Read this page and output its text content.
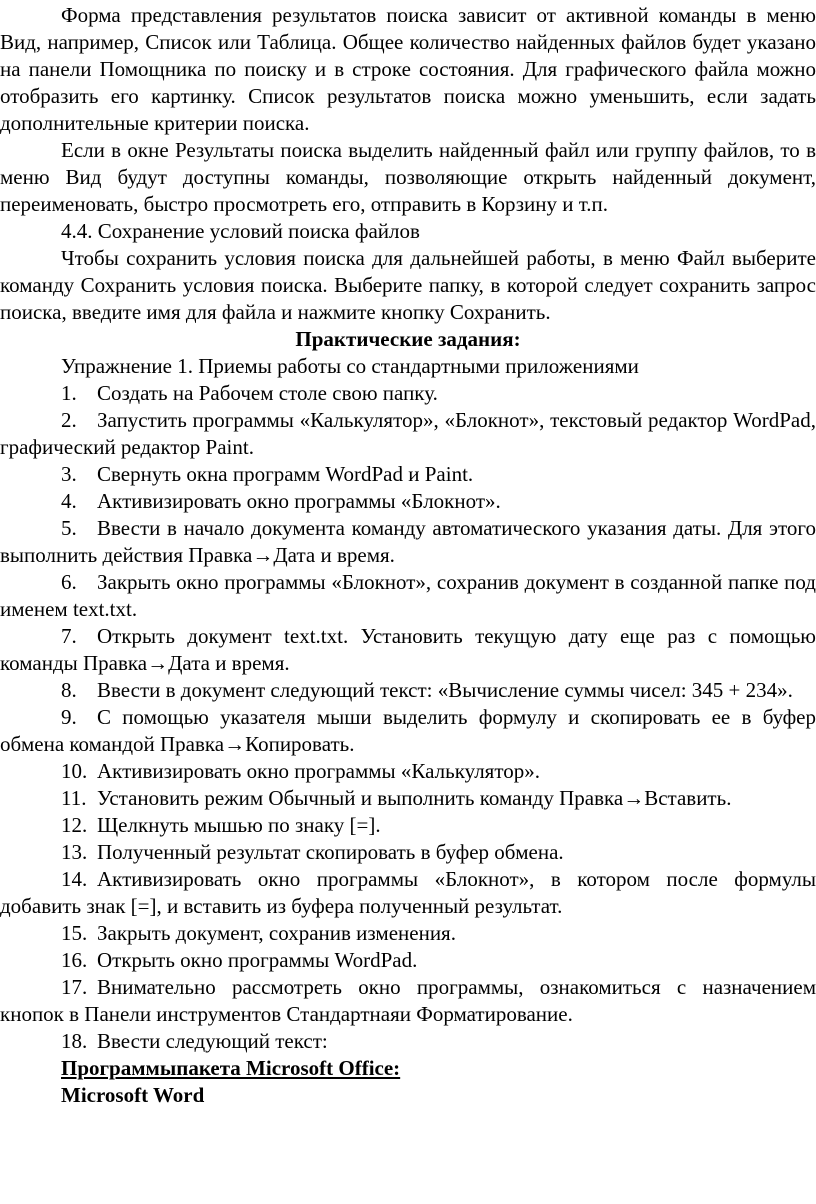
Форма представления результатов поиска зависит от активной команды в меню Вид, например, Список или Таблица. Общее количество найденных файлов будет указано на панели Помощника по поиску и в строке состояния. Для графического файла можно отобразить его картинку. Список результатов поиска можно уменьшить, если задать дополнительные критерии поиска.

Если в окне Результаты поиска выделить найденный файл или группу файлов, то в меню Вид будут доступны команды, позволяющие открыть найденный документ, переименовать, быстро просмотреть его, отправить в Корзину и т.п.

4.4. Сохранение условий поиска файлов

Чтобы сохранить условия поиска для дальнейшей работы, в меню Файл выберите команду Сохранить условия поиска. Выберите папку, в которой следует сохранить запрос поиска, введите имя для файла и нажмите кнопку Сохранить.

Практические задания:

Упражнение 1. Приемы работы со стандартными приложениями

1. Создать на Рабочем столе свою папку.

2. Запустить программы «Калькулятор», «Блокнот», текстовый редактор WordPad, графический редактор Paint.

3. Свернуть окна программ WordPad и Paint.

4. Активизировать окно программы «Блокнот».

5. Ввести в начало документа команду автоматического указания даты. Для этого выполнить действия Правка→Дата и время.

6. Закрыть окно программы «Блокнот», сохранив документ в созданной папке под именем text.txt.

7. Открыть документ text.txt. Установить текущую дату еще раз с помощью команды Правка→Дата и время.

8. Ввести в документ следующий текст: «Вычисление суммы чисел: 345 + 234».

9. С помощью указателя мыши выделить формулу и скопировать ее в буфер обмена командой Правка→Копировать.

10. Активизировать окно программы «Калькулятор».

11. Установить режим Обычный и выполнить команду Правка→Вставить.

12. Щелкнуть мышью по знаку [=].

13. Полученный результат скопировать в буфер обмена.

14. Активизировать окно программы «Блокнот», в котором после формулы добавить знак [=], и вставить из буфера полученный результат.

15. Закрыть документ, сохранив изменения.

16. Открыть окно программы WordPad.

17. Внимательно рассмотреть окно программы, ознакомиться с назначением кнопок в Панели инструментов Стандартнаяи Форматирование.

18. Ввести следующий текст:

Программыпакета Microsoft Office:

Microsoft Word
